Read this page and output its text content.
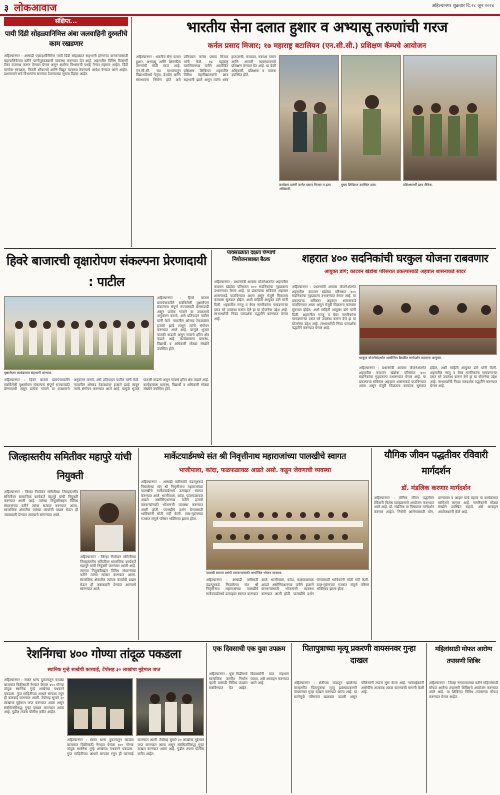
३ लोकआवाज	अहिल्यानगर शुक्रवार दि.२८ जून २०२४
संक्षिप्त...
पायी दिंडी सोहळ्यानिमित्त अंबा जलवाहिनी दुरुस्तीचे काम रखडणार
अहिल्यानगर : आषाढी एकादशीनिमित्त पायी दिंडी सोहळ्यात सहभागी होणाऱ्या वारकऱ्यांसाठी महापालिकेच्या वतीने पाणीपुरवठ्याची व्यवस्था करण्यात येत आहे. शहरातील विविध ठिकाणी टँकर उपलब्ध करून देण्यात येणार असून आरोग्य विभागाची पथके तैनात राहणार आहेत. दिंडी मार्गावर स्वच्छता, फिरती शौचालये आणि विद्युत व्यवस्था ठेवण्याचे आदेश देण्यात आले आहेत. प्रशासनाने सर्व विभागांना समन्वय ठेवण्याच्या सूचना दिल्या आहेत.
भारतीय सेना दलात हुशार व अभ्यासू तरुणांची गरज
कर्नल प्रसाद मिजार; १७ महाराष्ट्र बटालियन (एन.सी.सी.) प्रशिक्षण कॅम्पचे आयोजन
अहिल्यानगर : भारतीय सेना दलात हुशार, अभ्यासू आणि शिस्तप्रिय तरुणांची मोठी गरज आहे. एन.सी.सी. च्या माध्यमातून विद्यार्थ्यांमध्ये नेतृत्व, देशप्रेम आणि संघभावना निर्माण होते असे प्रतिपादन कर्नल प्रसाद मिजार यांनी केले. १७ महाराष्ट्र बटालियनच्या वतीने आयोजित प्रशिक्षण शिबिरात शहरातील विविध महाविद्यालयांचे छात्र सहभागी झाले असून त्यांना शस्त्र हाताळणी, कवायत, नकाशा वाचन आणि आपत्ती व्यवस्थापनाचे प्रशिक्षण देण्यात येत आहे. या वेळी अधिकारी, प्रशिक्षक व पालक उपस्थित होते.
कार्यक्रम प्रसंगी कर्नल प्रसाद मिजार व इतर अधिकारी.
मुख्य शिबिरात उपस्थित छात्र.	प्रशिक्षणार्थी छात्र सैनिक.
हिवरे बाजारची वृक्षारोपण संकल्पना प्रेरणादायी : पाटील
वृक्षारोपण कार्यक्रमात सहभागी मान्यवर.
अहिल्यानगर : हिवरे बाजार ग्रामपंचायतीने राबविलेली वृक्षारोपण संकल्पना संपूर्ण राज्यासाठी प्रेरणादायी असून प्रत्येक गावाने या उपक्रमाचे अनुकरण करावे, असे प्रतिपादन पाटील यांनी केले. गावातील ओसाड टेकड्यांवर हजारो झाडे लावून त्यांचे संगोपन करण्यात आले आहे. यामुळे भूजल पातळी वाढली असून गावाचे हरित क्षेत्र वाढले आहे. कार्यक्रमाला ग्रामस्थ, विद्यार्थी व अधिकारी मोठ्या संख्येने उपस्थित होते.
अहिल्यानगर : हिवरे बाजार ग्रामपंचायतीने राबविलेली वृक्षारोपण संकल्पना संपूर्ण राज्यासाठी प्रेरणादायी असून प्रत्येक गावाने या उपक्रमाचे अनुकरण करावे, असे प्रतिपादन पाटील यांनी केले. गावातील ओसाड टेकड्यांवर हजारो झाडे लावून त्यांचे संगोपन करण्यात आले आहे. यामुळे भूजल पातळी वाढली असून गावाचे हरित क्षेत्र वाढले आहे. कार्यक्रमाला ग्रामस्थ, विद्यार्थी व अधिकारी मोठ्या संख्येने उपस्थित होते.
पावसाळ्यात दक्षता घेण्याचे नियोजनाबाबत बैठक
अहिल्यानगर : प्रधानमंत्री आवास योजनेअंतर्गत शहरातील काटवन खंडोबा परिसरात ४०० सदनिकांचा गृहप्रकल्प उभारण्यात येणार आहे. या प्रकल्पाचा सविस्तर अहवाल शासनाकडे पाठविण्यात आला असून मंजुरी मिळताच कामाला सुरुवात होईल, अशी माहिती आयुक्त डांगे यांनी दिली. शहरातील गरजू व बेघर नागरिकांना परवडणाऱ्या दरात घरे उपलब्ध करून देणे हा या योजनेचा उद्देश आहे. लाभार्थ्यांची निवड पारदर्शक पद्धतीने करण्यात येणार आहे.
शहरात ४०० सदनिकांची घरकुल योजना राबवणार
आयुक्त डांगे; काटवन खंडोबा परिसरात प्रकल्पासाठी अहवाल शासनाकडे सादर
अहिल्यानगर : प्रधानमंत्री आवास योजनेअंतर्गत शहरातील काटवन खंडोबा परिसरात ४०० सदनिकांचा गृहप्रकल्प उभारण्यात येणार आहे. या प्रकल्पाचा सविस्तर अहवाल शासनाकडे पाठविण्यात आला असून मंजुरी मिळताच कामाला सुरुवात होईल, अशी माहिती आयुक्त डांगे यांनी दिली. शहरातील गरजू व बेघर नागरिकांना परवडणाऱ्या दरात घरे उपलब्ध करून देणे हा या योजनेचा उद्देश आहे. लाभार्थ्यांची निवड पारदर्शक पद्धतीने करण्यात येणार आहे.
घरकुल योजनेसंदर्भात आयोजित बैठकीत मार्गदर्शन करताना आयुक्त.
अहिल्यानगर : प्रधानमंत्री आवास योजनेअंतर्गत शहरातील काटवन खंडोबा परिसरात ४०० सदनिकांचा गृहप्रकल्प उभारण्यात येणार आहे. या प्रकल्पाचा सविस्तर अहवाल शासनाकडे पाठविण्यात आला असून मंजुरी मिळताच कामाला सुरुवात होईल, अशी माहिती आयुक्त डांगे यांनी दिली. शहरातील गरजू व बेघर नागरिकांना परवडणाऱ्या दरात घरे उपलब्ध करून देणे हा या योजनेचा उद्देश आहे. लाभार्थ्यांची निवड पारदर्शक पद्धतीने करण्यात येणार आहे.
जिल्हास्तरीय समितीवर महापुरे यांची नियुक्ती
अहिल्यानगर : जिल्हा नियोजन समितीच्या जिल्हास्तरीय समितीवर सामाजिक कार्यकर्ते महापुरे यांची नियुक्ती करण्यात आली आहे. त्यांच्या नियुक्तीबद्दल विविध संघटनांच्या वतीने त्यांचा सत्कार करण्यात आला. सामाजिक क्षेत्रातील त्यांच्या कार्याची दखल घेऊन ही जबाबदारी देण्यात आल्याचे सांगण्यात आले.
अहिल्यानगर : जिल्हा नियोजन समितीच्या जिल्हास्तरीय समितीवर सामाजिक कार्यकर्ते महापुरे यांची नियुक्ती करण्यात आली आहे. त्यांच्या नियुक्तीबद्दल विविध संघटनांच्या वतीने त्यांचा सत्कार करण्यात आला. सामाजिक क्षेत्रातील त्यांच्या कार्याची दखल घेऊन ही जबाबदारी देण्यात आल्याचे सांगण्यात आले.
मार्केटयार्डमध्ये संत श्री निवृत्तीनाथ महाराजांच्या पालखीचे स्वागत
भाजीपाला, कांदा, फळफळावळ आडते असो. कडून जेवणाची व्यवस्था
अहिल्यानगर : आषाढी वारीसाठी पंढरपूरकडे निघालेल्या संत श्री निवृत्तीनाथ महाराजांच्या पालखीचे मार्केटयार्डमध्ये उत्साहात स्वागत करण्यात आले. भाजीपाला, कांदा, फळफळावळ आडते असोसिएशनच्या वतीने हजारो वारकऱ्यांसाठी भोजनाची व्यवस्था करण्यात आली होती. पालखीचे दर्शन घेण्यासाठी भाविकांनी मोठी गर्दी केली. टाळ-मृदंगाच्या गजरात संपूर्ण परिसर भक्तिमय झाला होता.
पालखी स्वागत प्रसंगी वारकऱ्यांसाठी आयोजित भोजन व्यवस्था.
अहिल्यानगर : आषाढी वारीसाठी पंढरपूरकडे निघालेल्या संत श्री निवृत्तीनाथ महाराजांच्या पालखीचे मार्केटयार्डमध्ये उत्साहात स्वागत करण्यात आले. भाजीपाला, कांदा, फळफळावळ आडते असोसिएशनच्या वतीने हजारो वारकऱ्यांसाठी भोजनाची व्यवस्था करण्यात आली होती. पालखीचे दर्शन घेण्यासाठी भाविकांनी मोठी गर्दी केली. टाळ-मृदंगाच्या गजरात संपूर्ण परिसर भक्तिमय झाला होता.
यौगिक जीवन पद्धतीवर रविवारी मार्गदर्शन
डॉ. मंडलिक करणार मार्गदर्शन
अहिल्यानगर : योगिक जीवन पद्धतीवर रविवारी विशेष व्याख्यानाचे आयोजन करण्यात आले आहे. डॉ. मंडलिक या विषयावर मार्गदर्शन करणार आहेत. निरोगी आरोग्यासाठी योग, प्राणायाम व आहार याचे महत्त्व या कार्यक्रमात सांगितले जाणार आहे. नागरिकांनी मोठ्या संख्येने उपस्थित राहावे, असे आवाहन आयोजकांनी केले आहे.
रेशनिंगचा ४०० गोण्या तांदूळ पकडला
स्थानिक गुन्हे शाखेची कारवाई, टेंपोसह ३० लाखांचा मुद्देमाल जप्त
अहिल्यानगर : स्वस्त धान्य दुकानातून काळ्या बाजारात विक्रीसाठी नेण्यात येणारा ४०० गोण्या तांदूळ स्थानिक गुन्हे शाखेच्या पथकाने पकडला. गुप्त माहितीच्या आधारे सापळा रचून ही कारवाई करण्यात आली. टेंपोसह सुमारे ३० लाखांचा मुद्देमाल जप्त करण्यात आला असून संबंधितांविरुद्ध गुन्हा दाखल करण्यात आला आहे. पुढील तपास पोलीस करीत आहेत.
अहिल्यानगर : स्वस्त धान्य दुकानातून काळ्या बाजारात विक्रीसाठी नेण्यात येणारा ४०० गोण्या तांदूळ स्थानिक गुन्हे शाखेच्या पथकाने पकडला. गुप्त माहितीच्या आधारे सापळा रचून ही कारवाई करण्यात आली. टेंपोसह सुमारे ३० लाखांचा मुद्देमाल जप्त करण्यात आला असून संबंधितांविरुद्ध गुन्हा दाखल करण्यात आला आहे. पुढील तपास पोलीस करीत आहेत.
एक दिवसाची एक युवा उपक्रम
अहिल्यानगर : युवा पिढीमध्ये सामाजिक जाणीव निर्माण व्हावी यासाठी विविध उपक्रम राबविण्यात येत आहेत. विद्यार्थ्यांनी यात सहभाग घ्यावा, असे आवाहन करण्यात आले आहे.
पितापुत्राच्या मृत्यू प्रकरणी वायसनवर गुन्हा दाखल
अहिल्यानगर : शेतीच्या वादातून झालेल्या मारहाणीत पितापुत्राचा मृत्यू झाल्याप्रकरणी वायसनवर गुन्हा दाखल करण्यात आला आहे. या घटनेमुळे परिसरात खळबळ उडाली असून पोलिसांनी तपास सुरू केला आहे. नातेवाईकांनी आरोपींना तात्काळ अटक करण्याची मागणी केली आहे.
महिलांसाठी मोफत आरोग्य तपासणी शिबिर
अहिल्यानगर : जिल्हा रुग्णालयाच्या वतीने महिलांसाठी मोफत आरोग्य तपासणी शिबिराचे आयोजन करण्यात आले आहे. या शिबिरात विविध तपासण्या मोफत करण्यात येणार आहेत.
